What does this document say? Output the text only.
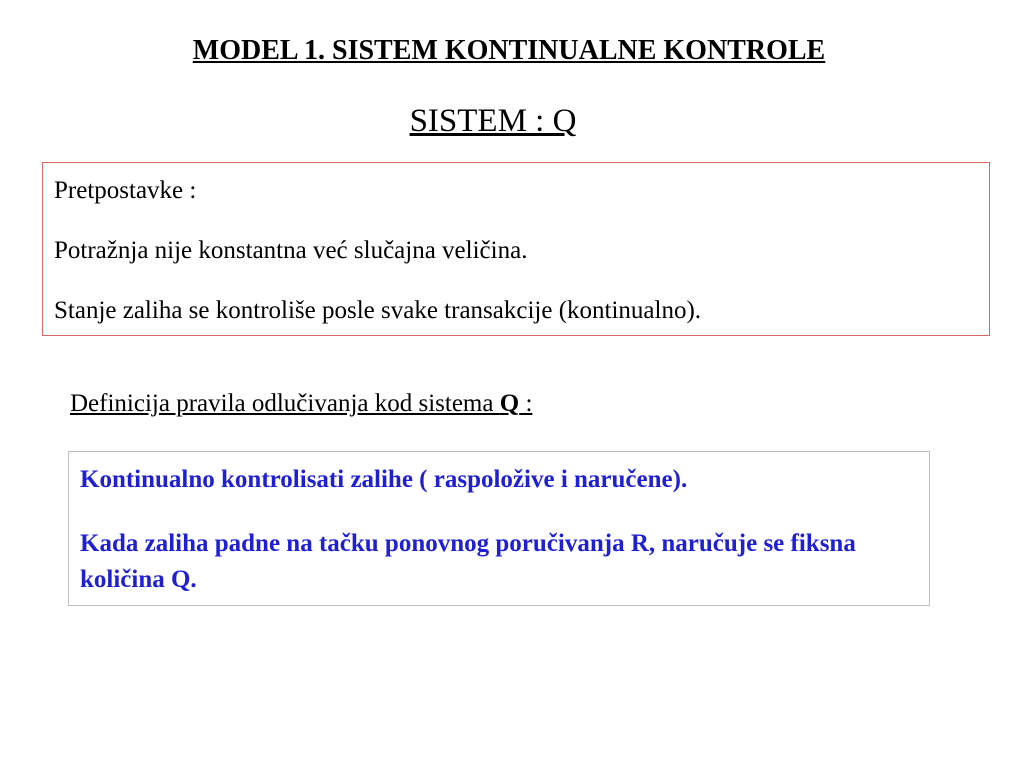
MODEL 1. SISTEM KONTINUALNE KONTROLE
SISTEM : Q

Pretpostavke :

Potražnja nije konstantna već slučajna veličina.

Stanje zaliha se kontroliše posle svake transakcije (kontinualno).

Definicija pravila odlučivanja kod sistema Q :

Kontinualno kontrolisati zalihe ( raspoložive i naručene).

Kada zaliha padne na tačku ponovnog poručivanja R, naručuje se fiksna količina Q.
